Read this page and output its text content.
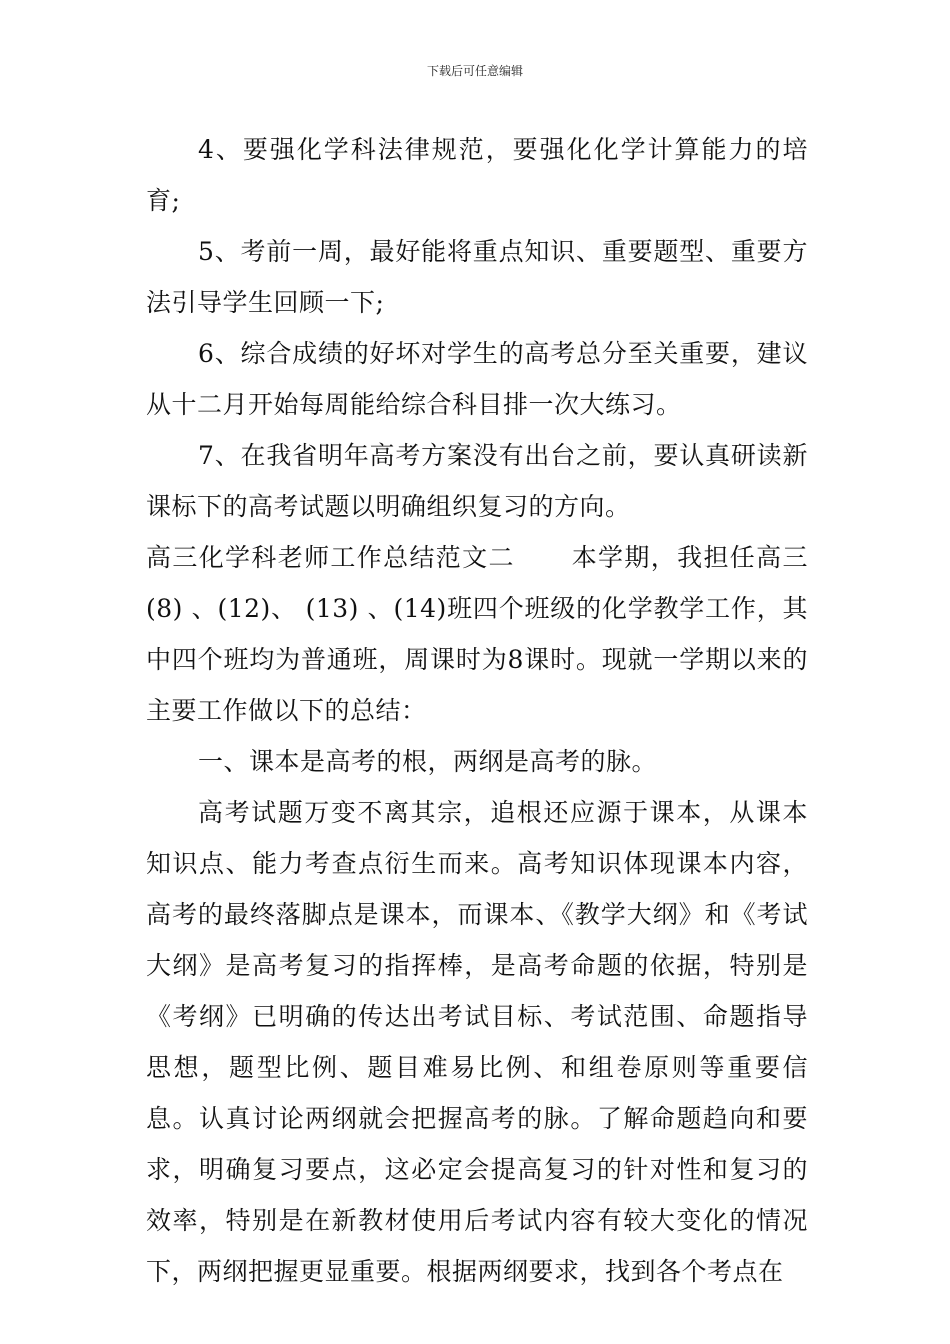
下载后可任意编辑

4、要强化学科法律规范，要强化化学计算能力的培育;

5、考前一周，最好能将重点知识、重要题型、重要方法引导学生回顾一下;

6、综合成绩的好坏对学生的高考总分至关重要，建议从十二月开始每周能给综合科目排一次大练习。

7、在我省明年高考方案没有出台之前，要认真研读新课标下的高考试题以明确组织复习的方向。

高三化学科老师工作总结范文二 本学期，我担任高三(8) 、(12)、 (13) 、(14)班四个班级的化学教学工作，其中四个班均为普通班，周课时为8课时。现就一学期以来的主要工作做以下的总结：

一、课本是高考的根，两纲是高考的脉。

高考试题万变不离其宗，追根还应源于课本，从课本知识点、能力考查点衍生而来。高考知识体现课本内容，高考的最终落脚点是课本，而课本、《教学大纲》和《考试大纲》是高考复习的指挥棒，是高考命题的依据，特别是《考纲》已明确的传达出考试目标、考试范围、命题指导思想，题型比例、题目难易比例、和组卷原则等重要信息。认真讨论两纲就会把握高考的脉。了解命题趋向和要求，明确复习要点，这必定会提高复习的针对性和复习的效率，特别是在新教材使用后考试内容有较大变化的情况下，两纲把握更显重要。根据两纲要求，找到各个考点在
